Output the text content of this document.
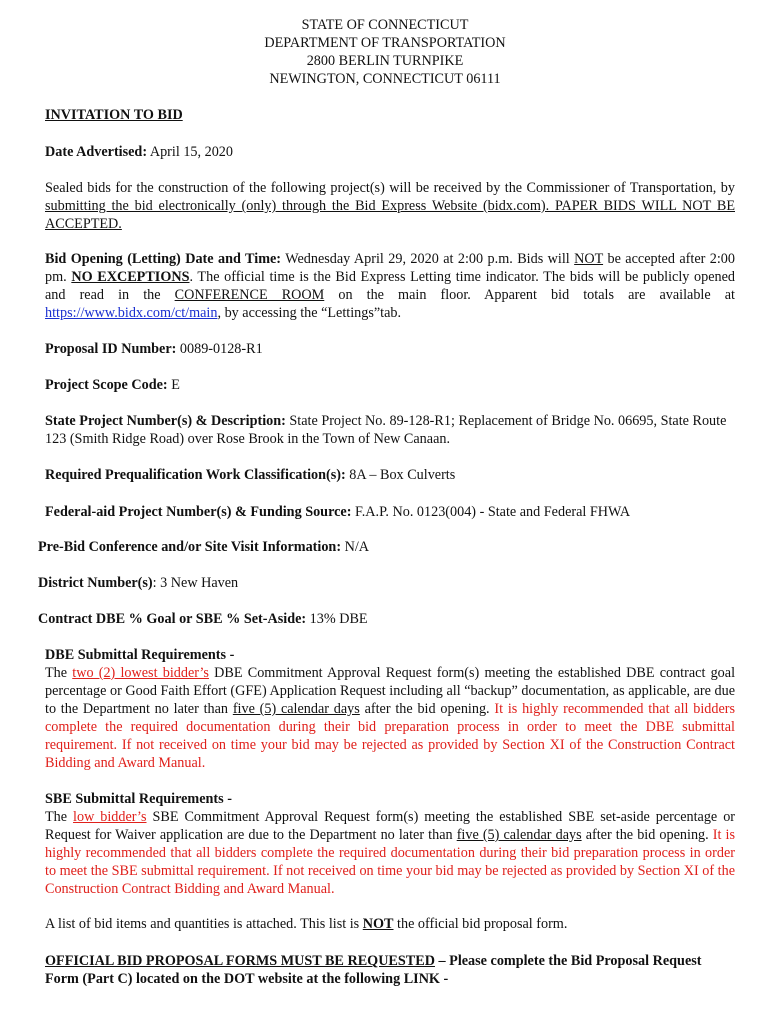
STATE OF CONNECTICUT
DEPARTMENT OF TRANSPORTATION
2800 BERLIN TURNPIKE
NEWINGTON, CONNECTICUT 06111
INVITATION TO BID
Date Advertised: April 15, 2020
Sealed bids for the construction of the following project(s) will be received by the Commissioner of Transportation, by submitting the bid electronically (only) through the Bid Express Website (bidx.com). PAPER BIDS WILL NOT BE ACCEPTED.
Bid Opening (Letting) Date and Time: Wednesday April 29, 2020 at 2:00 p.m. Bids will NOT be accepted after 2:00 pm. NO EXCEPTIONS. The official time is the Bid Express Letting time indicator. The bids will be publicly opened and read in the CONFERENCE ROOM on the main floor. Apparent bid totals are available at https://www.bidx.com/ct/main, by accessing the “Lettings”tab.
Proposal ID Number: 0089-0128-R1
Project Scope Code: E
State Project Number(s) & Description: State Project No. 89-128-R1; Replacement of Bridge No. 06695, State Route 123 (Smith Ridge Road) over Rose Brook in the Town of New Canaan.
Required Prequalification Work Classification(s): 8A – Box Culverts
Federal-aid Project Number(s) & Funding Source: F.A.P. No. 0123(004) - State and Federal FHWA
Pre-Bid Conference and/or Site Visit Information: N/A
District Number(s): 3 New Haven
Contract DBE % Goal or SBE % Set-Aside: 13% DBE
DBE Submittal Requirements -
The two (2) lowest bidder’s DBE Commitment Approval Request form(s) meeting the established DBE contract goal percentage or Good Faith Effort (GFE) Application Request including all “backup” documentation, as applicable, are due to the Department no later than five (5) calendar days after the bid opening. It is highly recommended that all bidders complete the required documentation during their bid preparation process in order to meet the DBE submittal requirement. If not received on time your bid may be rejected as provided by Section XI of the Construction Contract Bidding and Award Manual.
SBE Submittal Requirements -
The low bidder’s SBE Commitment Approval Request form(s) meeting the established SBE set-aside percentage or Request for Waiver application are due to the Department no later than five (5) calendar days after the bid opening. It is highly recommended that all bidders complete the required documentation during their bid preparation process in order to meet the SBE submittal requirement. If not received on time your bid may be rejected as provided by Section XI of the Construction Contract Bidding and Award Manual.
A list of bid items and quantities is attached. This list is NOT the official bid proposal form.
OFFICIAL BID PROPOSAL FORMS MUST BE REQUESTED – Please complete the Bid Proposal Request Form (Part C) located on the DOT website at the following LINK -
